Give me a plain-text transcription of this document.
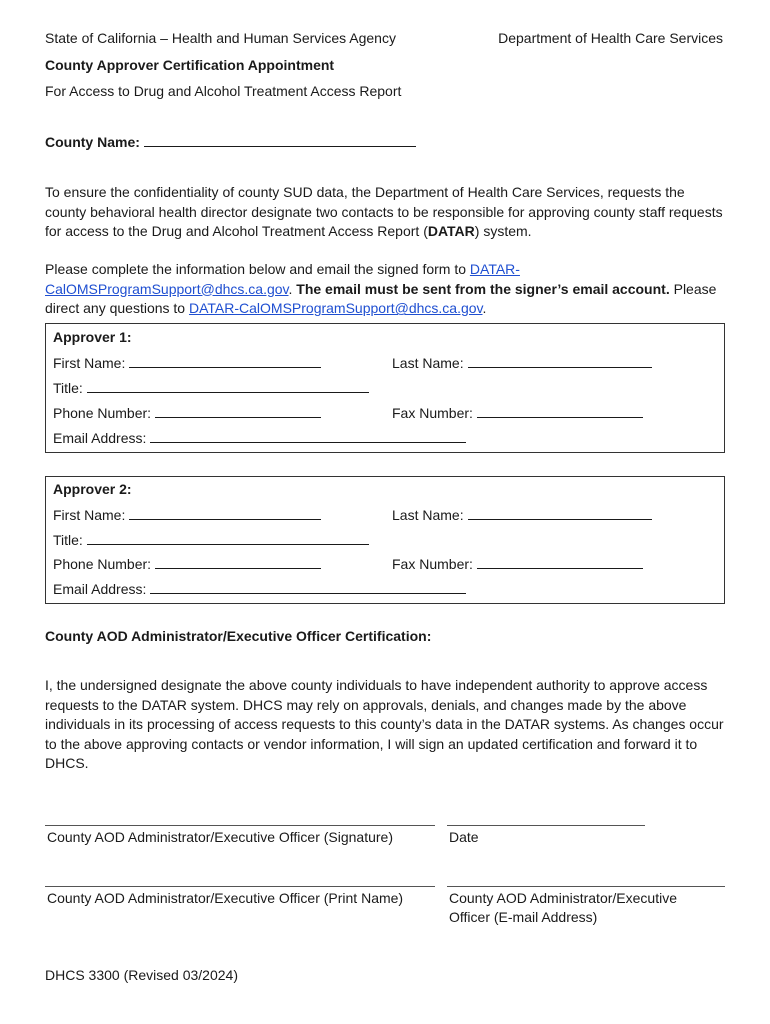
State of California – Health and Human Services Agency	Department of Health Care Services
County Approver Certification Appointment
For Access to Drug and Alcohol Treatment Access Report
County Name:
To ensure the confidentiality of county SUD data, the Department of Health Care Services, requests the county behavioral health director designate two contacts to be responsible for approving county staff requests for access to the Drug and Alcohol Treatment Access Report (DATAR) system.
Please complete the information below and email the signed form to DATAR-CalOMSProgramSupport@dhcs.ca.gov. The email must be sent from the signer’s email account. Please direct any questions to DATAR-CalOMSProgramSupport@dhcs.ca.gov.
Approver 1:
First Name:	Last Name:
Title:
Phone Number:	Fax Number:
Email Address:
Approver 2:
First Name:	Last Name:
Title:
Phone Number:	Fax Number:
Email Address:
County AOD Administrator/Executive Officer Certification:
I, the undersigned designate the above county individuals to have independent authority to approve access requests to the DATAR system. DHCS may rely on approvals, denials, and changes made by the above individuals in its processing of access requests to this county’s data in the DATAR systems. As changes occur to the above approving contacts or vendor information, I will sign an updated certification and forward it to DHCS.
County AOD Administrator/Executive Officer (Signature)	Date
County AOD Administrator/Executive Officer (Print Name)	County AOD Administrator/Executive
Officer (E-mail Address)
DHCS 3300 (Revised 03/2024)
